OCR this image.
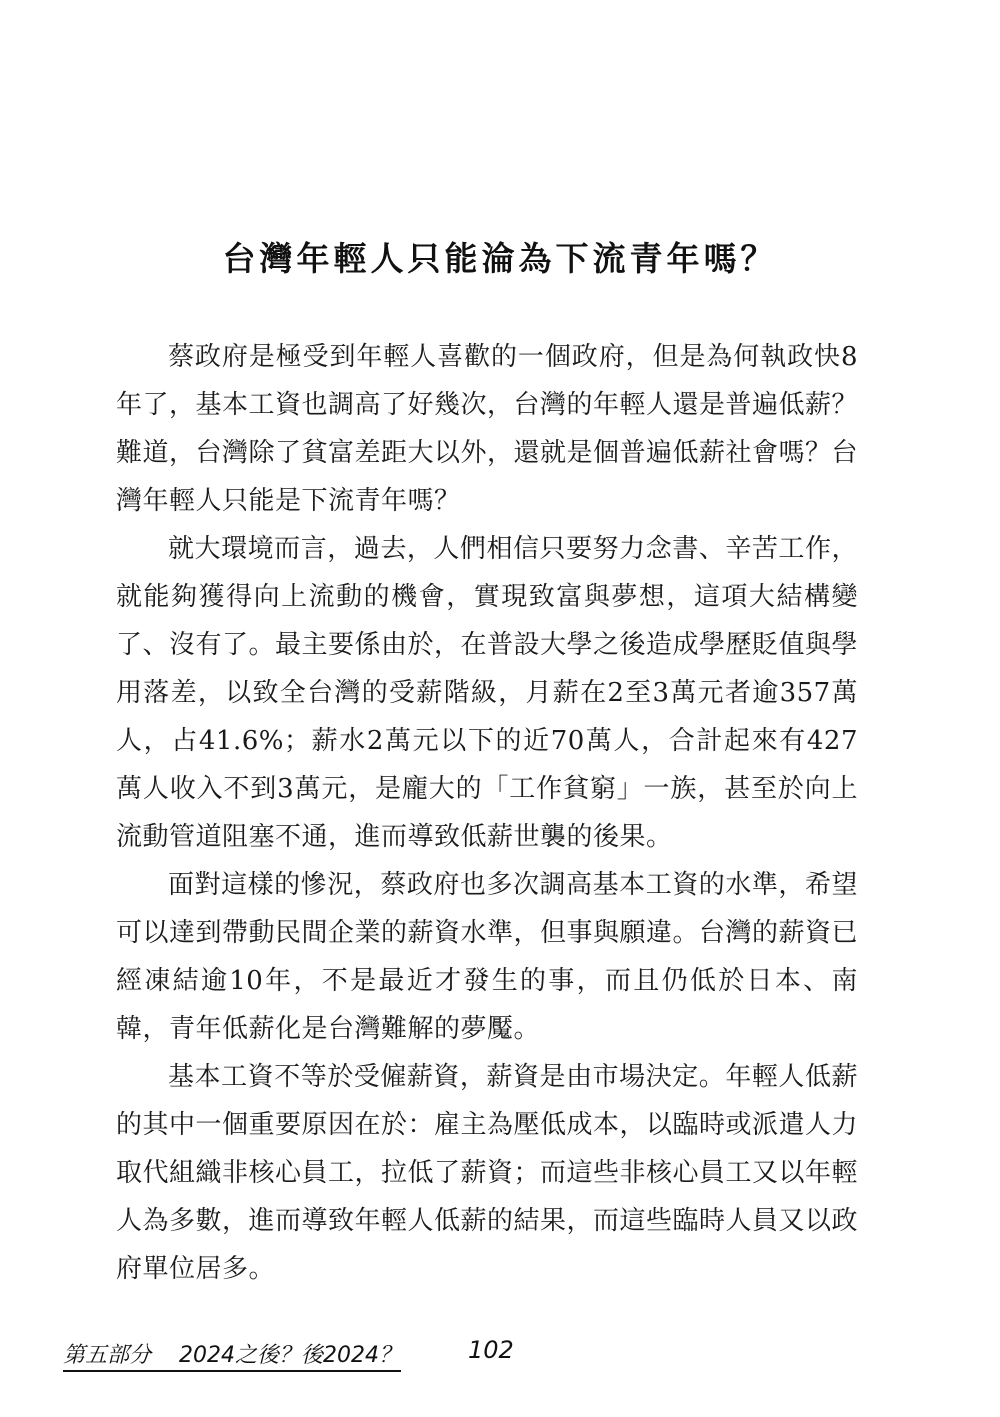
台灣年輕人只能淪為下流青年嗎？

蔡政府是極受到年輕人喜歡的一個政府，但是為何執政快8年了，基本工資也調高了好幾次，台灣的年輕人還是普遍低薪？難道，台灣除了貧富差距大以外，還就是個普遍低薪社會嗎？台灣年輕人只能是下流青年嗎？

就大環境而言，過去，人們相信只要努力念書、辛苦工作，就能夠獲得向上流動的機會，實現致富與夢想，這項大結構變了、沒有了。最主要係由於，在普設大學之後造成學歷貶值與學用落差，以致全台灣的受薪階級，月薪在2至3萬元者逾357萬人，占41.6%；薪水2萬元以下的近70萬人，合計起來有427萬人收入不到3萬元，是龐大的「工作貧窮」一族，甚至於向上流動管道阻塞不通，進而導致低薪世襲的後果。

面對這樣的慘況，蔡政府也多次調高基本工資的水準，希望可以達到帶動民間企業的薪資水準，但事與願違。台灣的薪資已經凍結逾10年，不是最近才發生的事，而且仍低於日本、南韓，青年低薪化是台灣難解的夢魘。

基本工資不等於受僱薪資，薪資是由市場決定。年輕人低薪的其中一個重要原因在於：雇主為壓低成本，以臨時或派遣人力取代組織非核心員工，拉低了薪資；而這些非核心員工又以年輕人為多數，進而導致年輕人低薪的結果，而這些臨時人員又以政府單位居多。

第五部分 2024之後？後2024？	102
